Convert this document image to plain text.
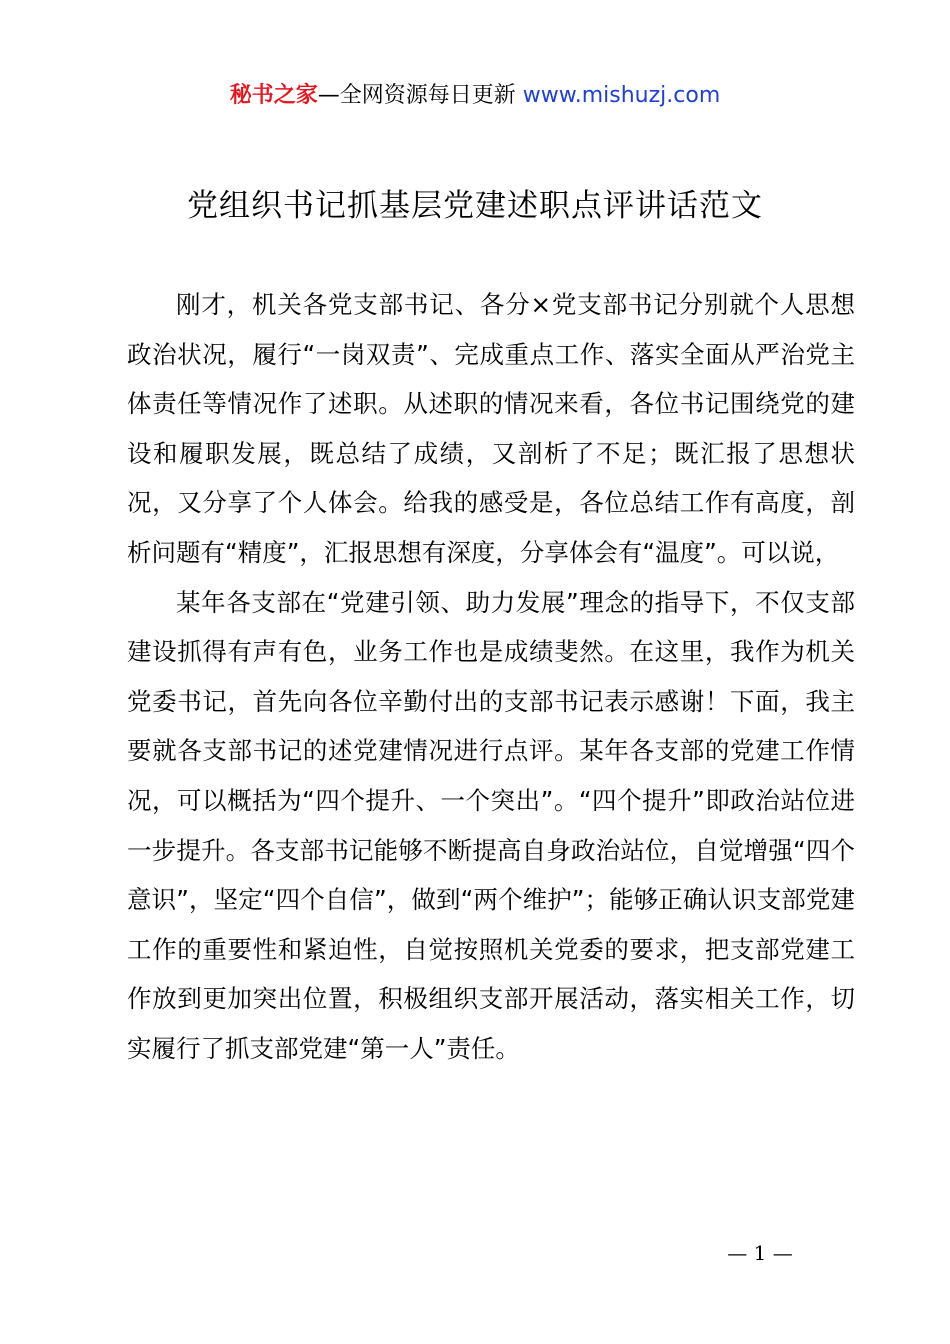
秘书之家—全网资源每日更新 www.mishuzj.com
党组织书记抓基层党建述职点评讲话范文

刚才，机关各党支部书记、各分×党支部书记分别就个人思想政治状况，履行“一岗双责”、完成重点工作、落实全面从严治党主体责任等情况作了述职。从述职的情况来看，各位书记围绕党的建设和履职发展，既总结了成绩，又剖析了不足；既汇报了思想状况，又分享了个人体会。给我的感受是，各位总结工作有高度，剖析问题有“精度”，汇报思想有深度，分享体会有“温度”。可以说，

某年各支部在“党建引领、助力发展”理念的指导下，不仅支部建设抓得有声有色，业务工作也是成绩斐然。在这里，我作为机关党委书记，首先向各位辛勤付出的支部书记表示感谢！下面，我主要就各支部书记的述党建情况进行点评。某年各支部的党建工作情况，可以概括为“四个提升、一个突出”。“四个提升”即政治站位进一步提升。各支部书记能够不断提高自身政治站位，自觉增强“四个意识”，坚定“四个自信”，做到“两个维护”；能够正确认识支部党建工作的重要性和紧迫性，自觉按照机关党委的要求，把支部党建工作放到更加突出位置，积极组织支部开展活动，落实相关工作，切实履行了抓支部党建“第一人”责任。

— 1 —
